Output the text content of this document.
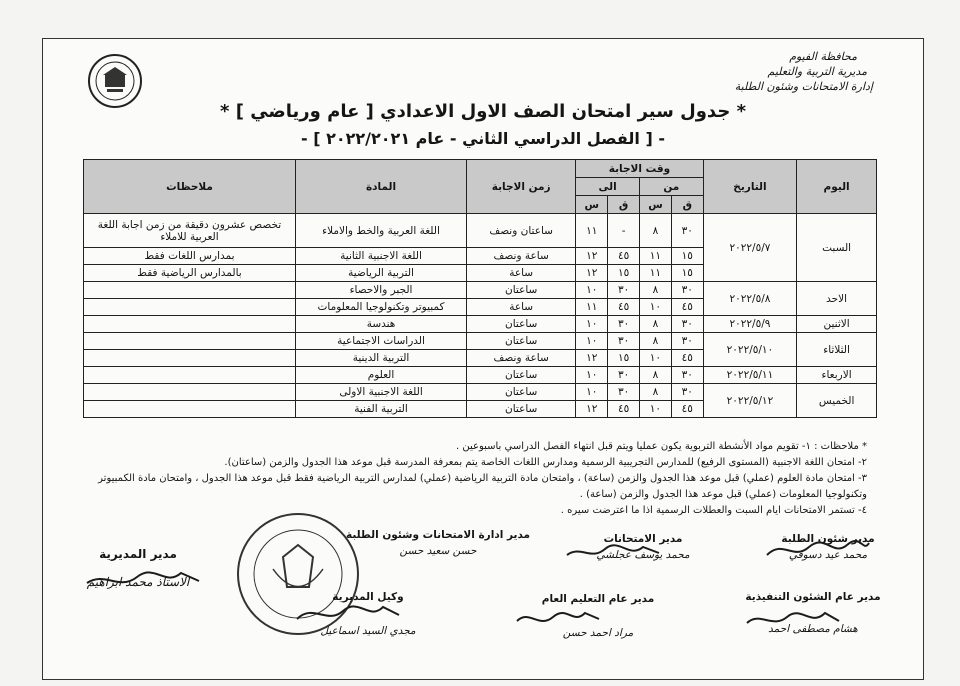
محافظة الفيوم
مديرية التربية والتعليم
إدارة الامتحانات وشئون الطلبة
* جدول سير امتحان الصف الاول الاعدادي [ عام ورياضي ] *
- [ الفصل الدراسي الثاني - عام ٢٠٢٢/٢٠٢١ ] -
اليوم	التاريخ	وقت الاجابة				زمن الاجابة	المادة	ملاحظات
		من		الى				
		ق	س	ق	س			
السبت	٢٠٢٢/٥/٧	٣٠	٨	-	١١	ساعتان ونصف	اللغة العربية والخط والاملاء	تخصص عشرون دقيقة من زمن اجابة اللغة العربية للاملاء
		١٥	١١	٤٥	١٢	ساعة ونصف	اللغة الاجنبية الثانية	بمدارس اللغات فقط
		١٥	١١	١٥	١٢	ساعة	التربية الرياضية	بالمدارس الرياضية فقط
الاحد	٢٠٢٢/٥/٨	٣٠	٨	٣٠	١٠	ساعتان	الجبر والاحصاء	
		٤٥	١٠	٤٥	١١	ساعة	كمبيوتر وتكنولوجيا المعلومات	
الاثنين	٢٠٢٢/٥/٩	٣٠	٨	٣٠	١٠	ساعتان	هندسة	
الثلاثاء	٢٠٢٢/٥/١٠	٣٠	٨	٣٠	١٠	ساعتان	الدراسات الاجتماعية	
		٤٥	١٠	١٥	١٢	ساعة ونصف	التربية الدينية	
الاربعاء	٢٠٢٢/٥/١١	٣٠	٨	٣٠	١٠	ساعتان	العلوم	
الخميس	٢٠٢٢/٥/١٢	٣٠	٨	٣٠	١٠	ساعتان	اللغة الاجنبية الاولى	
		٤٥	١٠	٤٥	١٢	ساعتان	التربية الفنية	
* ملاحظات : ١- تقويم مواد الأنشطة التربوية يكون عمليا ويتم قبل انتهاء الفصل الدراسي باسبوعين .
٢- امتحان اللغة الاجنبية (المستوى الرفيع) للمدارس التجريبية الرسمية ومدارس اللغات الخاصة يتم بمعرفة المدرسة قبل موعد هذا الجدول والزمن (ساعتان).
٣- امتحان مادة العلوم (عملي) قبل موعد هذا الجدول والزمن (ساعة) ، وامتحان مادة التربية الرياضية (عملي) لمدارس التربية الرياضية فقط قبل موعد هذا الجدول ، وامتحان مادة الكمبيوتر وتكنولوجيا المعلومات (عملي) قبل موعد هذا الجدول والزمن (ساعة) .
٤- تستمر الامتحانات ايام السبت والعطلات الرسمية اذا ما اعترضت سيره .
مدير شئون الطلبة
محمد عيد دسوقي
مدير الامتحانات
محمد يوسف عجلشي
مدير ادارة الامتحانات وشئون الطلبة
حسن سعيد حسن
مدير المديرية
الاستاذ محمد ابراهيم
مدير عام الشئون التنفيذية
هشام مصطفى احمد
مدير عام التعليم العام
مراد احمد حسن
وكيل المديرية
مجدي السيد اسماعيل
